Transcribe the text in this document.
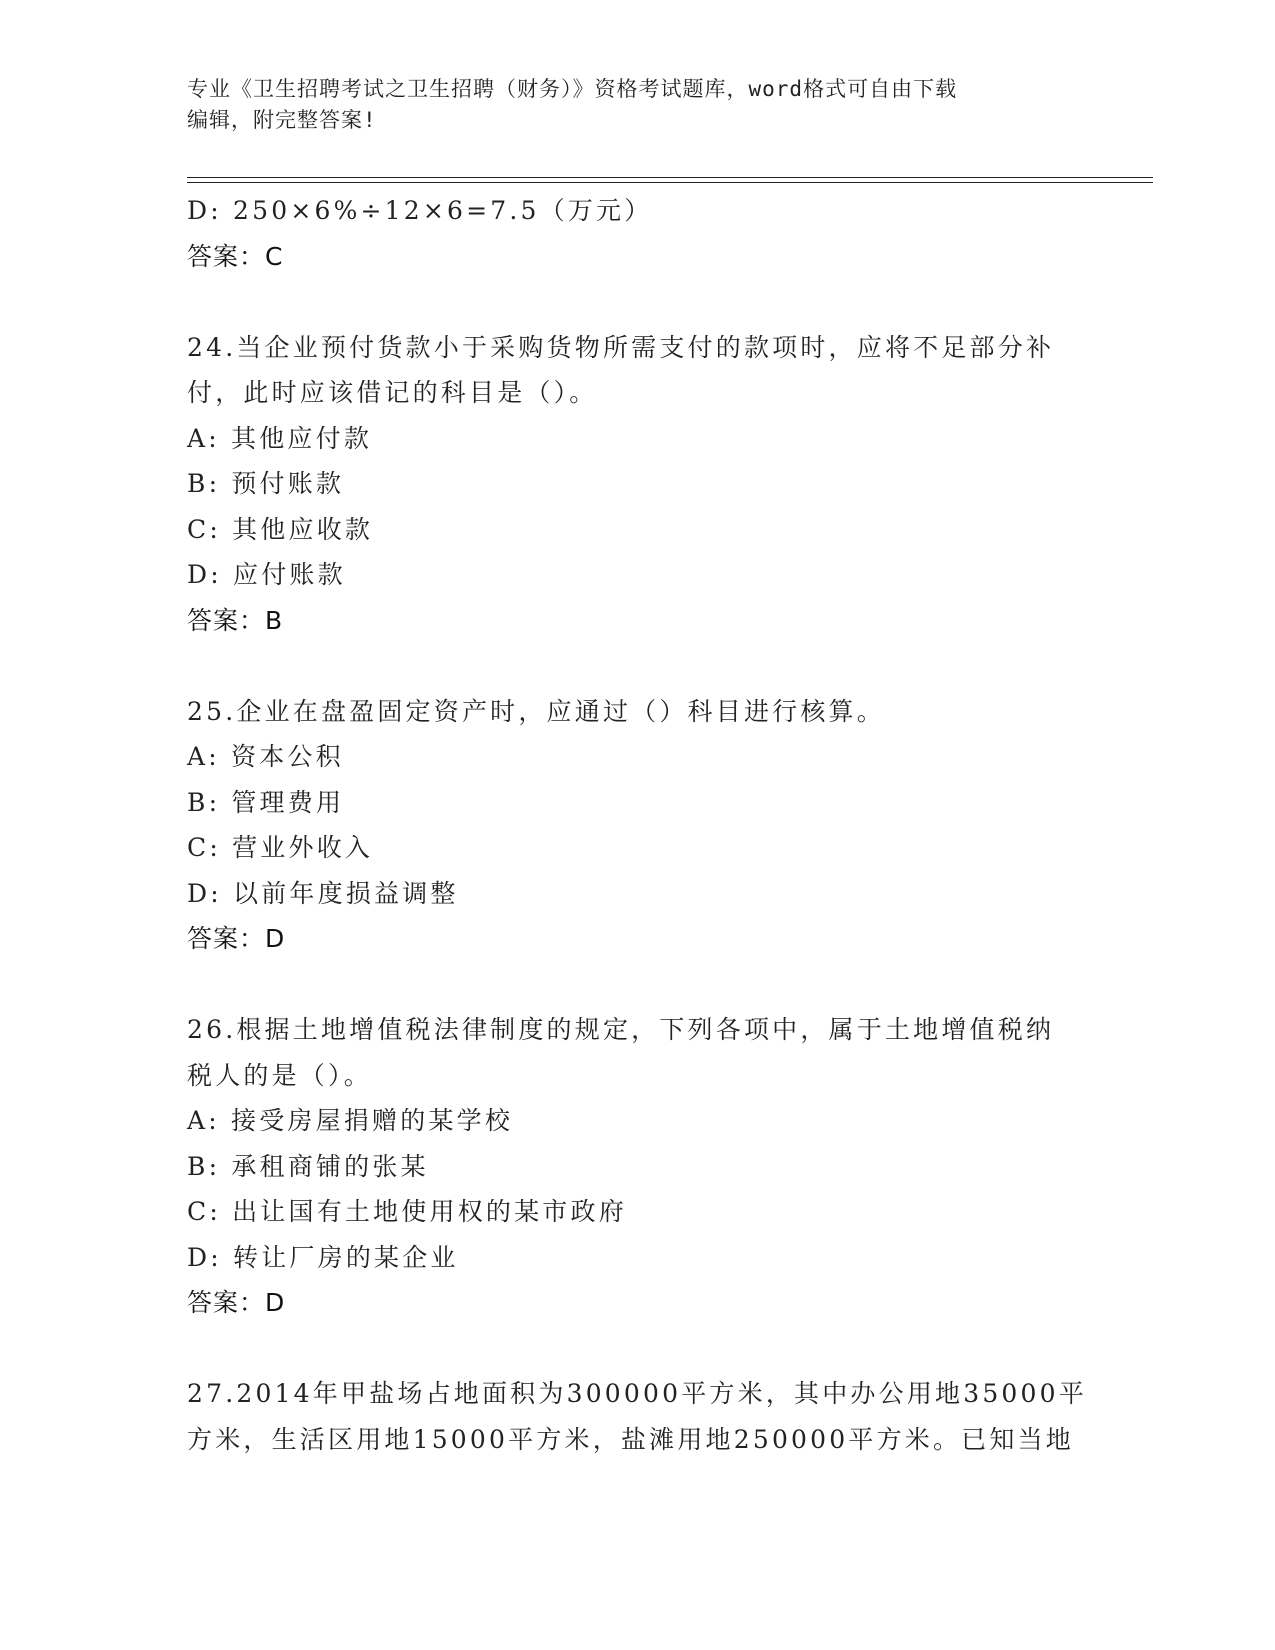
专业《卫生招聘考试之卫生招聘（财务）》资格考试题库，word格式可自由下载
编辑，附完整答案!
D: 250×6%÷12×6=7.5（万元）
答案：C
24.当企业预付货款小于采购货物所需支付的款项时，应将不足部分补
付，此时应该借记的科目是（）。
A: 其他应付款
B: 预付账款
C: 其他应收款
D: 应付账款
答案：B
25.企业在盘盈固定资产时，应通过（）科目进行核算。
A: 资本公积
B: 管理费用
C: 营业外收入
D: 以前年度损益调整
答案：D
26.根据土地增值税法律制度的规定，下列各项中，属于土地增值税纳
税人的是（）。
A: 接受房屋捐赠的某学校
B: 承租商铺的张某
C: 出让国有土地使用权的某市政府
D: 转让厂房的某企业
答案：D
27.2014年甲盐场占地面积为300000平方米，其中办公用地35000平
方米，生活区用地15000平方米，盐滩用地250000平方米。已知当地
